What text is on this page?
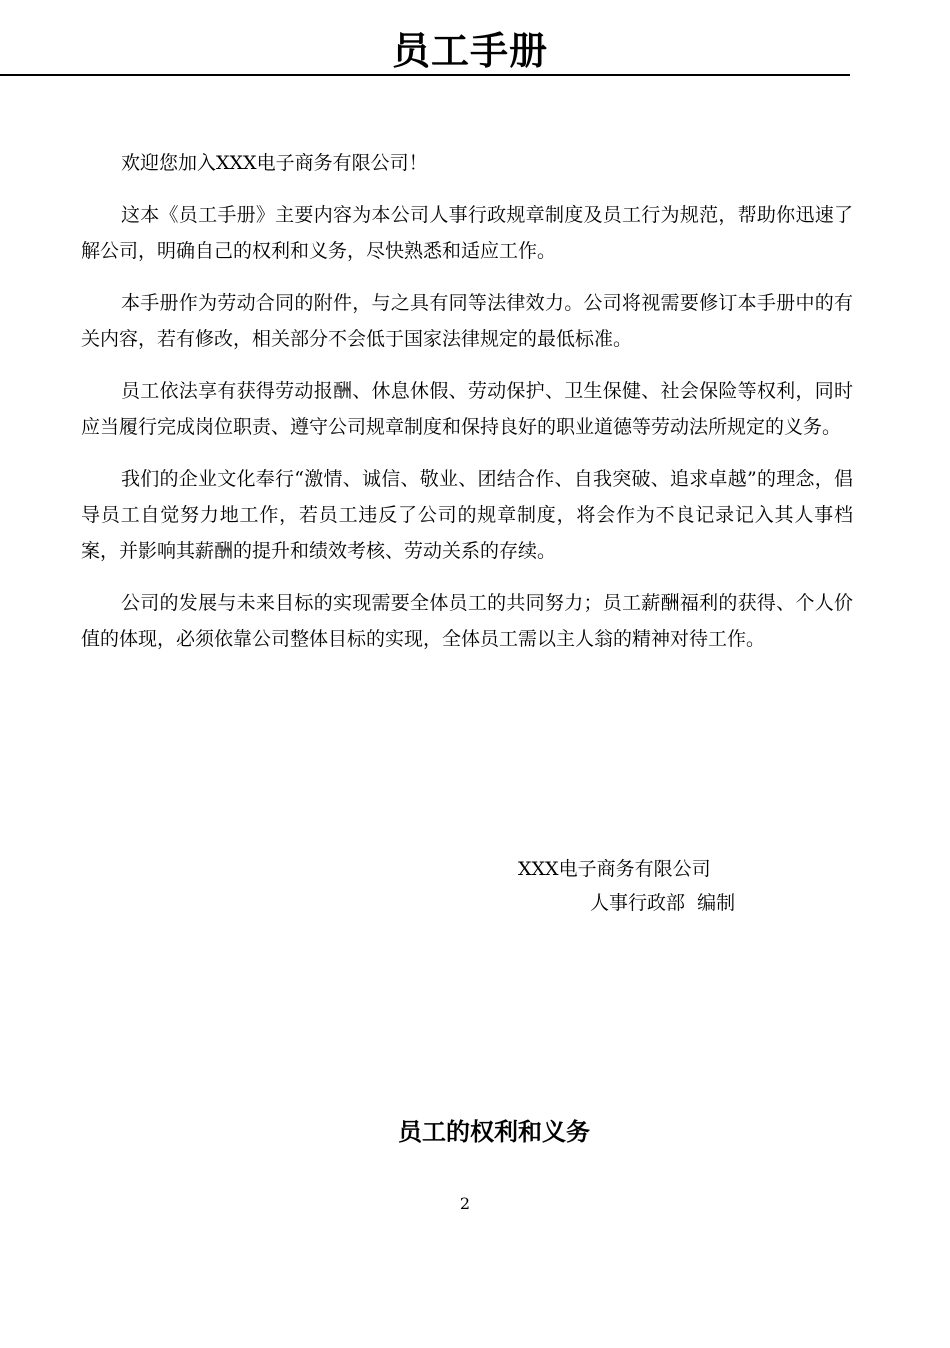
员工手册

欢迎您加入XXX电子商务有限公司！

这本《员工手册》主要内容为本公司人事行政规章制度及员工行为规范，帮助你迅速了解公司，明确自己的权利和义务，尽快熟悉和适应工作。

本手册作为劳动合同的附件，与之具有同等法律效力。公司将视需要修订本手册中的有关内容，若有修改，相关部分不会低于国家法律规定的最低标准。

员工依法享有获得劳动报酬、休息休假、劳动保护、卫生保健、社会保险等权利，同时应当履行完成岗位职责、遵守公司规章制度和保持良好的职业道德等劳动法所规定的义务。

我们的企业文化奉行“激情、诚信、敬业、团结合作、自我突破、追求卓越”的理念，倡导员工自觉努力地工作，若员工违反了公司的规章制度，将会作为不良记录记入其人事档案，并影响其薪酬的提升和绩效考核、劳动关系的存续。

公司的发展与未来目标的实现需要全体员工的共同努力；员工薪酬福利的获得、个人价值的体现，必须依靠公司整体目标的实现，全体员工需以主人翁的精神对待工作。

XXX电子商务有限公司
人事行政部  编制
员工的权利和义务
2
